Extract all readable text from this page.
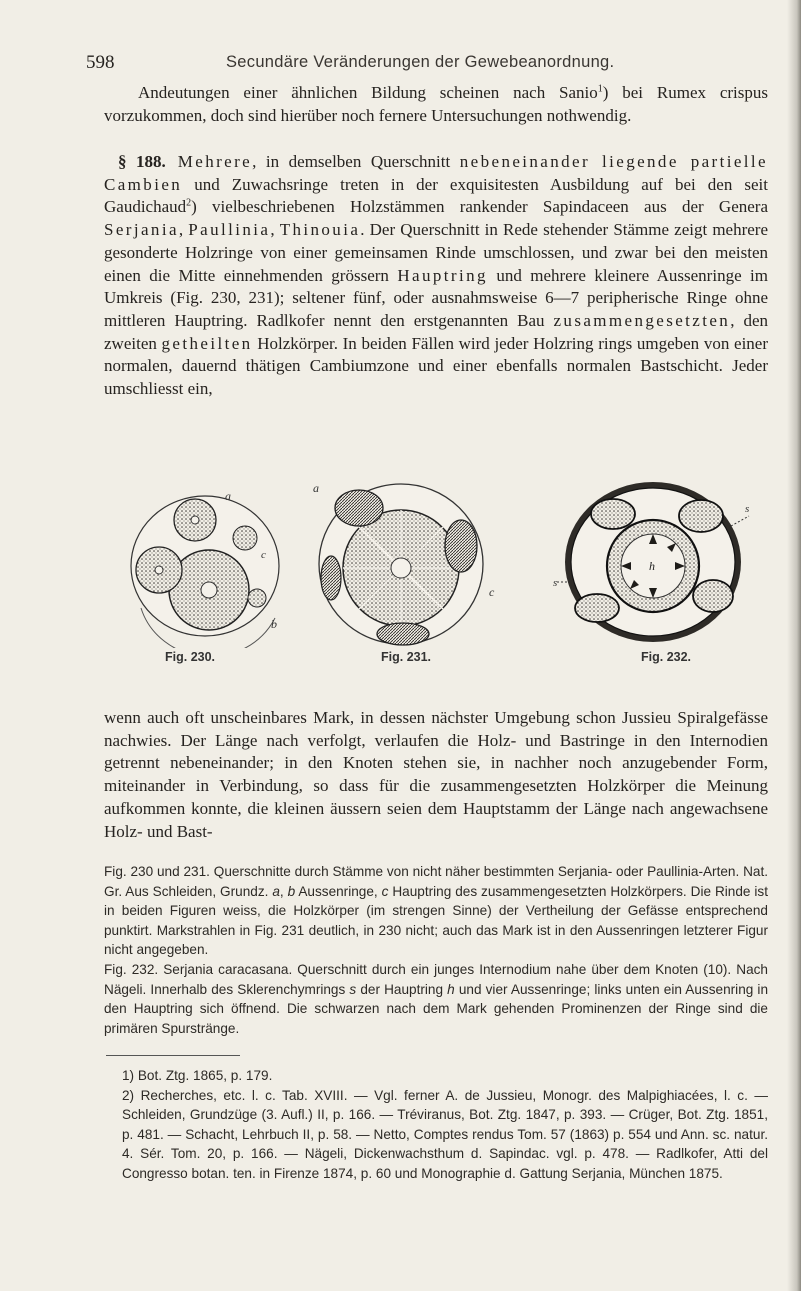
598	Secundäre Veränderungen der Gewebeanordnung.

Andeutungen einer ähnlichen Bildung scheinen nach Sanio$^1$) bei Rumex crispus vorzukommen, doch sind hierüber noch fernere Untersuchungen nothwendig.

§ 188. Mehrere, in demselben Querschnitt nebeneinander liegende partielle Cambien und Zuwachsringe treten in der exquisitesten Ausbildung auf bei den seit Gaudichaud$^2$) vielbeschriebenen Holzstämmen rankender Sapindaceen aus der Genera Serjania, Paullinia, Thinouia. Der Querschnitt in Rede stehender Stämme zeigt mehrere gesonderte Holzringe von einer gemeinsamen Rinde umschlossen, und zwar bei den meisten einen die Mitte einnehmenden grössern Hauptring und mehrere kleinere Aussenringe im Umkreis (Fig. 230, 231); seltener fünf, oder ausnahmsweise 6—7 peripherische Ringe ohne mittleren Hauptring. Radlkofer nennt den erstgenannten Bau zusammengesetzten, den zweiten getheilten Holzkörper. In beiden Fällen wird jeder Holzring rings umgeben von einer normalen, dauernd thätigen Cambiumzone und einer ebenfalls normalen Bastschicht. Jeder umschliesst ein,

a
c
b
Fig. 230.
a
c
Fig. 231.
s
h
s
Fig. 232.

wenn auch oft unscheinbares Mark, in dessen nächster Umgebung schon Jussieu Spiralgefässe nachwies. Der Länge nach verfolgt, verlaufen die Holz- und Bastringe in den Internodien getrennt nebeneinander; in den Knoten stehen sie, in nachher noch anzugebender Form, miteinander in Verbindung, so dass für die zusammengesetzten Holzkörper die Meinung aufkommen konnte, die kleinen äussern seien dem Hauptstamm der Länge nach angewachsene Holz- und Bast-

Fig. 230 und 231. Querschnitte durch Stämme von nicht näher bestimmten Serjania- oder Paullinia-Arten. Nat. Gr. Aus Schleiden, Grundz. a, b Aussenringe, c Hauptring des zusammengesetzten Holzkörpers. Die Rinde ist in beiden Figuren weiss, die Holzkörper (im strengen Sinne) der Vertheilung der Gefässe entsprechend punktirt. Markstrahlen in Fig. 231 deutlich, in 230 nicht; auch das Mark ist in den Aussenringen letzterer Figur nicht angegeben.
Fig. 232. Serjania caracasana. Querschnitt durch ein junges Internodium nahe über dem Knoten (10). Nach Nägeli. Innerhalb des Sklerenchymrings s der Hauptring h und vier Aussenringe; links unten ein Aussenring in den Hauptring sich öffnend. Die schwarzen nach dem Mark gehenden Prominenzen der Ringe sind die primären Spurstränge.

1) Bot. Ztg. 1865, p. 179.
2) Recherches, etc. l. c. Tab. XVIII. — Vgl. ferner A. de Jussieu, Monogr. des Malpighiacées, l. c. — Schleiden, Grundzüge (3. Aufl.) II, p. 166. — Tréviranus, Bot. Ztg. 1847, p. 393. — Crüger, Bot. Ztg. 1851, p. 481. — Schacht, Lehrbuch II, p. 58. — Netto, Comptes rendus Tom. 57 (1863) p. 554 und Ann. sc. natur. 4. Sér. Tom. 20, p. 166. — Nägeli, Dickenwachsthum d. Sapindac. vgl. p. 478. — Radlkofer, Atti del Congresso botan. ten. in Firenze 1874, p. 60 und Monographie d. Gattung Serjania, München 1875.
